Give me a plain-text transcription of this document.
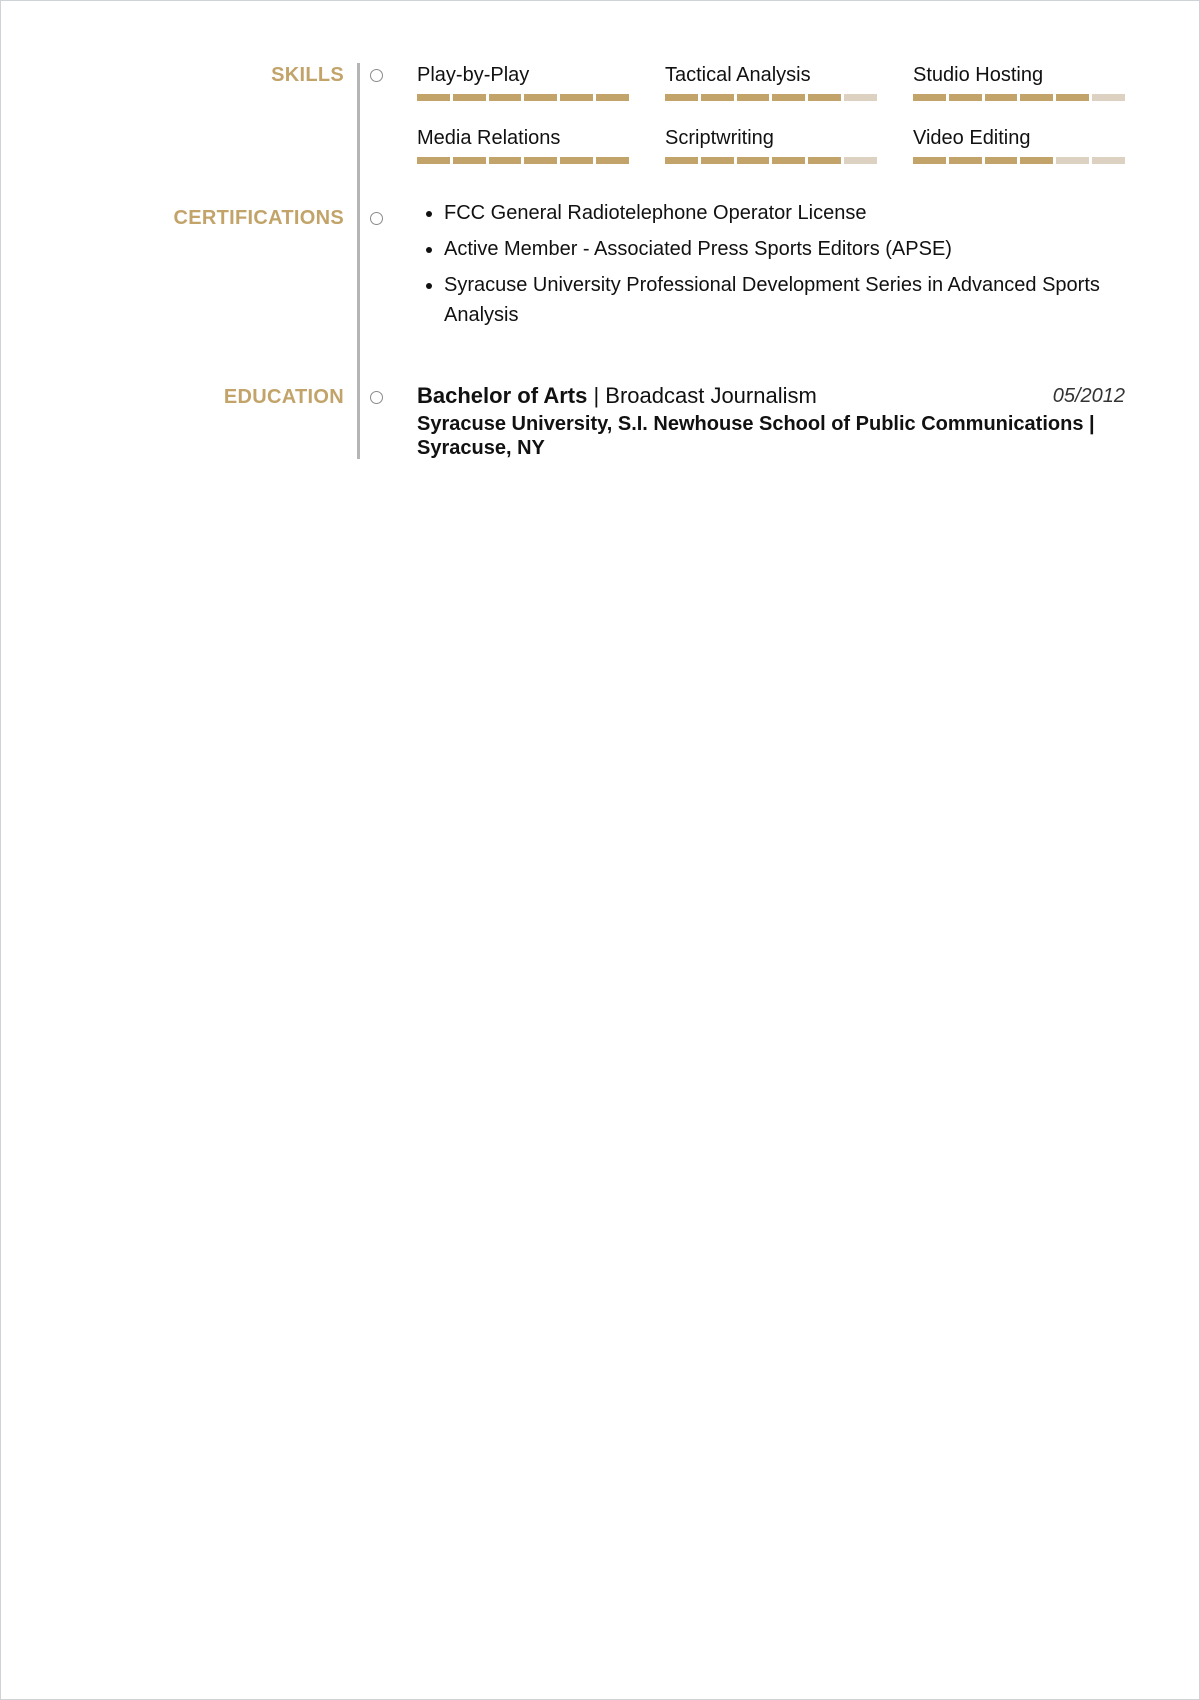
SKILLS	Play-by-Play	Tactical Analysis	Studio Hosting
Media Relations	Scriptwriting	Video Editing
CERTIFICATIONS
•	FCC General Radiotelephone Operator License
• Active Member - Associated Press Sports Editors (APSE)
• Syracuse University Professional Development Series in Advanced Sports Analysis
EDUCATION	Bachelor of Arts | Broadcast Journalism	05/2012
Syracuse University, S.I. Newhouse School of Public Communications | Syracuse, NY
